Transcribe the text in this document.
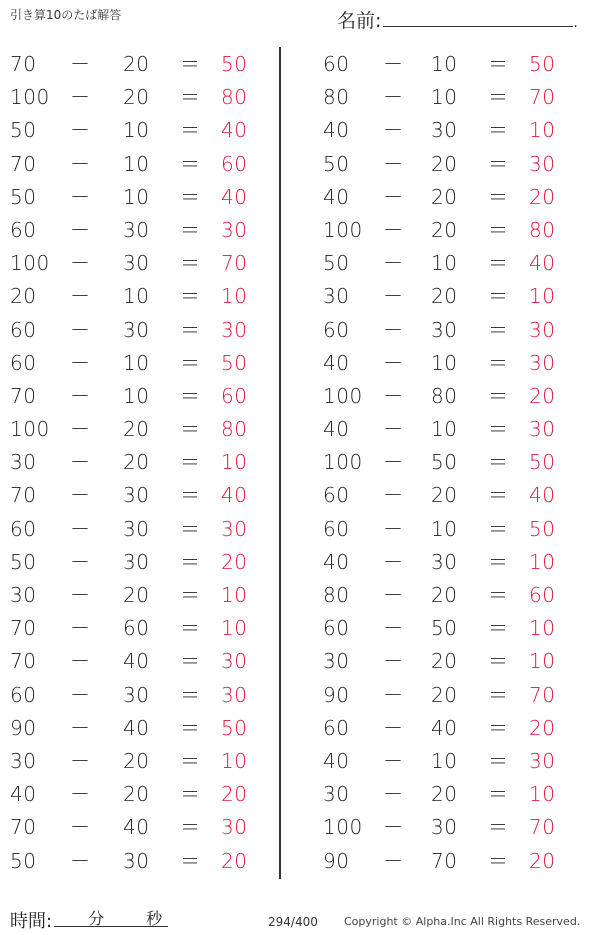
引き算10のたば解答	名前:	.
70 － 20 ＝ 50
100 － 20 ＝ 80
50 － 10 ＝ 40
70 － 10 ＝ 60
50 － 10 ＝ 40
60 － 30 ＝ 30
100 － 30 ＝ 70
20 － 10 ＝ 10
60 － 30 ＝ 30
60 － 10 ＝ 50
70 － 10 ＝ 60
100 － 20 ＝ 80
30 － 20 ＝ 10
70 － 30 ＝ 40
60 － 30 ＝ 30
50 － 30 ＝ 20
30 － 20 ＝ 10
70 － 60 ＝ 10
70 － 40 ＝ 30
60 － 30 ＝ 30
90 － 40 ＝ 50
30 － 20 ＝ 10
40 － 20 ＝ 20
70 － 40 ＝ 30
50 － 30 ＝ 20
60 － 10 ＝ 50
80 － 10 ＝ 70
40 － 30 ＝ 10
50 － 20 ＝ 30
40 － 20 ＝ 20
100 － 20 ＝ 80
50 － 10 ＝ 40
30 － 20 ＝ 10
60 － 30 ＝ 30
40 － 10 ＝ 30
100 － 80 ＝ 20
40 － 10 ＝ 30
100 － 50 ＝ 50
60 － 20 ＝ 40
60 － 10 ＝ 50
40 － 30 ＝ 10
80 － 20 ＝ 60
60 － 50 ＝ 10
30 － 20 ＝ 10
90 － 20 ＝ 70
60 － 40 ＝ 20
40 － 10 ＝ 30
30 － 20 ＝ 10
100 － 30 ＝ 70
90 － 70 ＝ 20
時間: 分	秒	294/400 Copyright © Alpha.Inc All Rights Reserved.
